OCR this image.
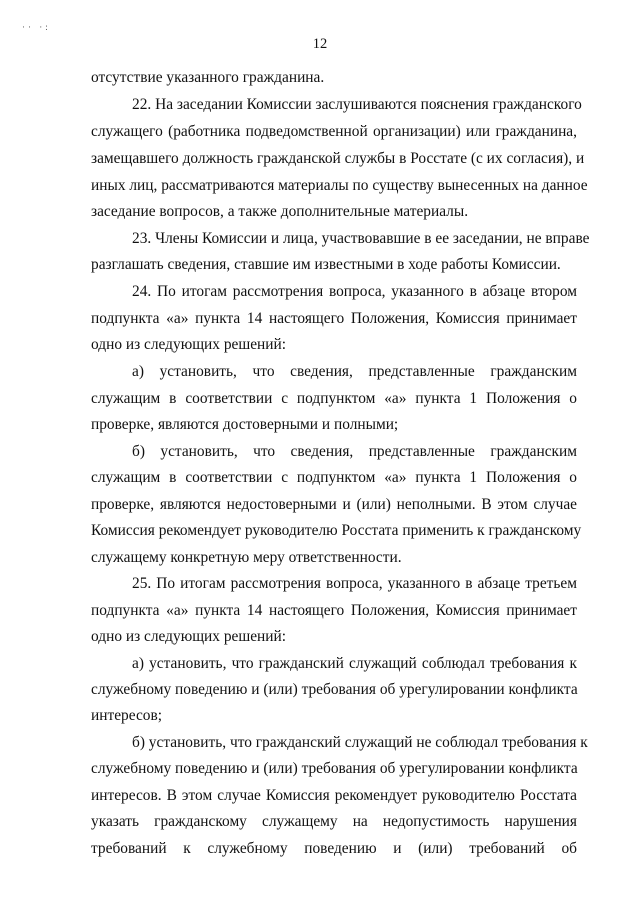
·· ·:
12
отсутствие указанного гражданина.
22. На заседании Комиссии заслушиваются пояснения гражданского
служащего (работника подведомственной организации) или гражданина,
замещавшего должность гражданской службы в Росстате (с их согласия), и
иных лиц, рассматриваются материалы по существу вынесенных на данное
заседание вопросов, а также дополнительные материалы.
23. Члены Комиссии и лица, участвовавшие в ее заседании, не вправе
разглашать сведения, ставшие им известными в ходе работы Комиссии.
24. По итогам рассмотрения вопроса, указанного в абзаце втором
подпункта «а» пункта 14 настоящего Положения, Комиссия принимает
одно из следующих решений:
а) установить, что сведения, представленные гражданским
служащим в соответствии с подпунктом «а» пункта 1 Положения о
проверке, являются достоверными и полными;
б) установить, что сведения, представленные гражданским
служащим в соответствии с подпунктом «а» пункта 1 Положения о
проверке, являются недостоверными и (или) неполными. В этом случае
Комиссия рекомендует руководителю Росстата применить к гражданскому
служащему конкретную меру ответственности.
25. По итогам рассмотрения вопроса, указанного в абзаце третьем
подпункта «а» пункта 14 настоящего Положения, Комиссия принимает
одно из следующих решений:
а) установить, что гражданский служащий соблюдал требования к
служебному поведению и (или) требования об урегулировании конфликта
интересов;
б) установить, что гражданский служащий не соблюдал требования к
служебному поведению и (или) требования об урегулировании конфликта
интересов. В этом случае Комиссия рекомендует руководителю Росстата
указать гражданскому служащему на недопустимость нарушения
требований к служебному поведению и (или) требований об
